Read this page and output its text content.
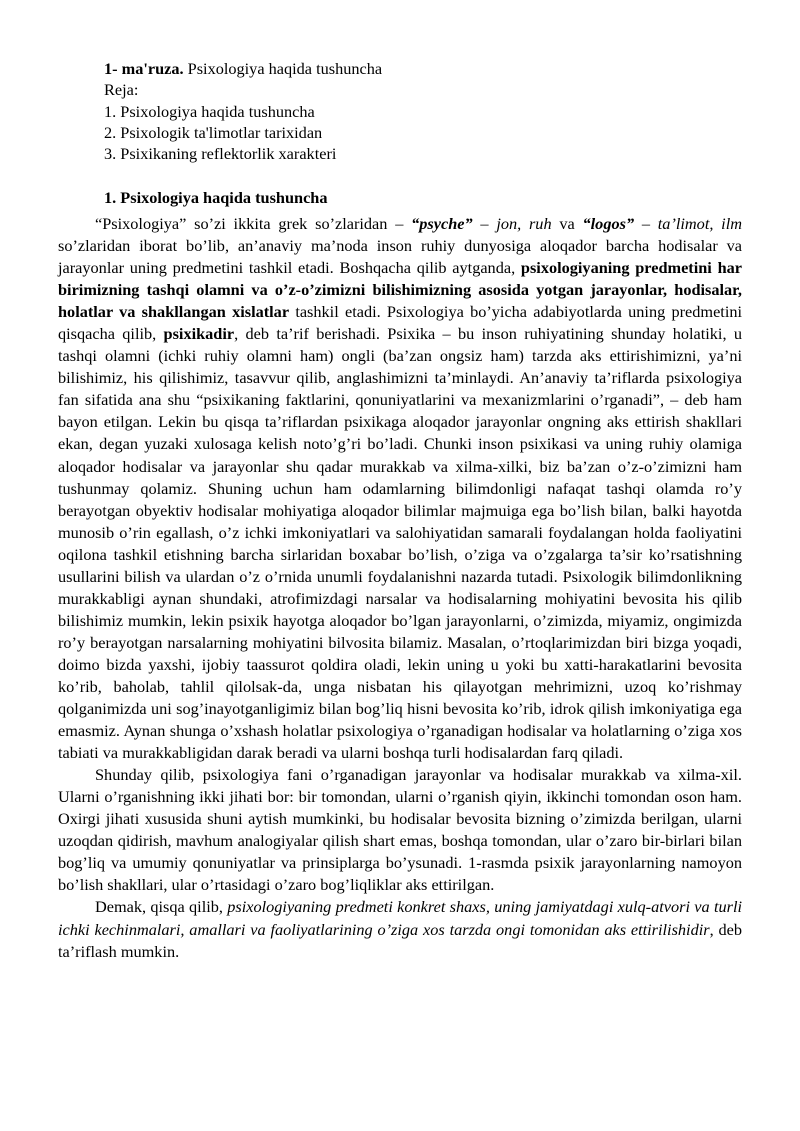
1- ma'ruza. Psixologiya haqida tushuncha
Reja:
1. Psixologiya haqida tushuncha
2. Psixologik ta'limotlar tarixidan
3. Psixikaning reflektorlik xarakteri
1. Psixologiya haqida tushuncha

“Psixologiya” so’zi ikkita grek so’zlaridan – “psyche” – jon, ruh va “logos” – ta’limot, ilm so’zlaridan iborat bo’lib, an’anaviy ma’noda inson ruhiy dunyosiga aloqador barcha hodisalar va jarayonlar uning predmetini tashkil etadi. Boshqacha qilib aytganda, psixologiyaning predmetini har birimizning tashqi olamni va o’z-o’zimizni bilishimizning asosida yotgan jarayonlar, hodisalar, holatlar va shakllangan xislatlar tashkil etadi. Psixologiya bo’yicha adabiyotlarda uning predmetini qisqacha qilib, psixikadir, deb ta’rif berishadi. Psixika – bu inson ruhiyatining shunday holatiki, u tashqi olamni (ichki ruhiy olamni ham) ongli (ba’zan ongsiz ham) tarzda aks ettirishimizni, ya’ni bilishimiz, his qilishimiz, tasavvur qilib, anglashimizni ta’minlaydi. An’anaviy ta’riflarda psixologiya fan sifatida ana shu “psixikaning faktlarini, qonuniyatlarini va mexanizmlarini o’rganadi”, – deb ham bayon etilgan. Lekin bu qisqa ta’riflardan psixikaga aloqador jarayonlar ongning aks ettirish shakllari ekan, degan yuzaki xulosaga kelish noto’g’ri bo’ladi. Chunki inson psixikasi va uning ruhiy olamiga aloqador hodisalar va jarayonlar shu qadar murakkab va xilma-xilki, biz ba’zan o’z-o’zimizni ham tushunmay qolamiz. Shuning uchun ham odamlarning bilimdonligi nafaqat tashqi olamda ro’y berayotgan obyektiv hodisalar mohiyatiga aloqador bilimlar majmuiga ega bo’lish bilan, balki hayotda munosib o’rin egallash, o’z ichki imkoniyatlari va salohiyatidan samarali foydalangan holda faoliyatini oqilona tashkil etishning barcha sirlaridan boxabar bo’lish, o’ziga va o’zgalarga ta’sir ko’rsatishning usullarini bilish va ulardan o’z o’rnida unumli foydalanishni nazarda tutadi. Psixologik bilimdonlikning murakkabligi aynan shundaki, atrofimizdagi narsalar va hodisalarning mohiyatini bevosita his qilib bilishimiz mumkin, lekin psixik hayotga aloqador bo’lgan jarayonlarni, o’zimizda, miyamiz, ongimizda ro’y berayotgan narsalarning mohiyatini bilvosita bilamiz. Masalan, o’rtoqlarimizdan biri bizga yoqadi, doimo bizda yaxshi, ijobiy taassurot qoldira oladi, lekin uning u yoki bu xatti-harakatlarini bevosita ko’rib, baholab, tahlil qilolsak-da, unga nisbatan his qilayotgan mehrimizni, uzoq ko’rishmay qolganimizda uni sog’inayotganligimiz bilan bog’liq hisni bevosita ko’rib, idrok qilish imkoniyatiga ega emasmiz. Aynan shunga o’xshash holatlar psixologiya o’rganadigan hodisalar va holatlarning o’ziga xos tabiati va murakkabligidan darak beradi va ularni boshqa turli hodisalardan farq qiladi.

Shunday qilib, psixologiya fani o’rganadigan jarayonlar va hodisalar murakkab va xilma-xil. Ularni o’rganishning ikki jihati bor: bir tomondan, ularni o’rganish qiyin, ikkinchi tomondan oson ham. Oxirgi jihati xususida shuni aytish mumkinki, bu hodisalar bevosita bizning o’zimizda berilgan, ularni uzoqdan qidirish, mavhum analogiyalar qilish shart emas, boshqa tomondan, ular o’zaro bir-birlari bilan bog’liq va umumiy qonuniyatlar va prinsiplarga bo’ysunadi. 1-rasmda psixik jarayonlarning namoyon bo’lish shakllari, ular o’rtasidagi o’zaro bog’liqliklar aks ettirilgan.

Demak, qisqa qilib, psixologiyaning predmeti konkret shaxs, uning jamiyatdagi xulq-atvori va turli ichki kechinmalari, amallari va faoliyatlarining o’ziga xos tarzda ongi tomonidan aks ettirilishidir, deb ta’riflash mumkin.
